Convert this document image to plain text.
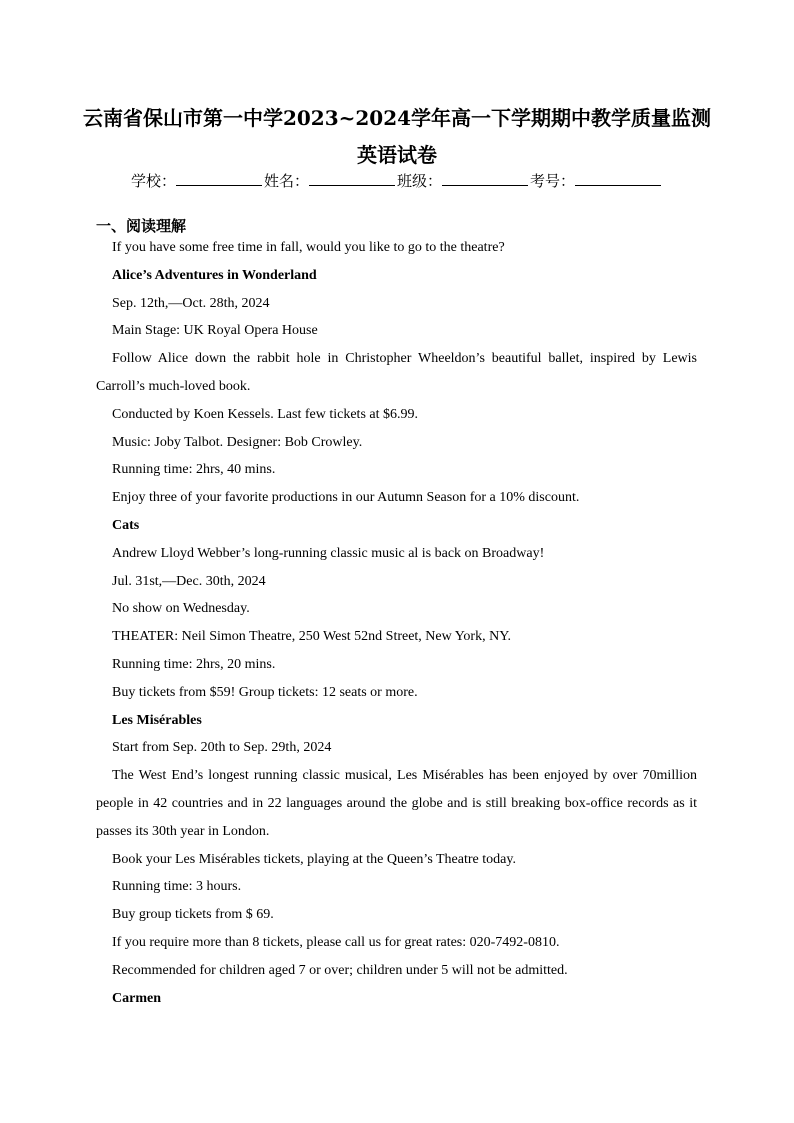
云南省保山市第一中学2023~2024学年高一下学期期中教学质量监测
英语试卷
学校：	姓名：	班级：	考号：
一、阅读理解

If you have some free time in fall, would you like to go to the theatre?

Alice’s Adventures in Wonderland

Sep. 12th,—Oct. 28th, 2024

Main Stage: UK Royal Opera House

Follow Alice down the rabbit hole in Christopher Wheeldon’s beautiful ballet, inspired by Lewis Carroll’s much-loved book.

Conducted by Koen Kessels. Last few tickets at $6.99.

Music: Joby Talbot. Designer: Bob Crowley.

Running time: 2hrs, 40 mins.

Enjoy three of your favorite productions in our Autumn Season for a 10% discount.

Cats

Andrew Lloyd Webber’s long-running classic music al is back on Broadway!

Jul. 31st,—Dec. 30th, 2024

No show on Wednesday.

THEATER: Neil Simon Theatre, 250 West 52nd Street, New York, NY.

Running time: 2hrs, 20 mins.

Buy tickets from $59! Group tickets: 12 seats or more.

Les Misérables

Start from Sep. 20th to Sep. 29th, 2024

The West End’s longest running classic musical, Les Misérables has been enjoyed by over 70million people in 42 countries and in 22 languages around the globe and is still breaking box-office records as it passes its 30th year in London.

Book your Les Misérables tickets, playing at the Queen’s Theatre today.

Running time: 3 hours.

Buy group tickets from $ 69.

If you require more than 8 tickets, please call us for great rates: 020-7492-0810.

Recommended for children aged 7 or over; children under 5 will not be admitted.

Carmen
